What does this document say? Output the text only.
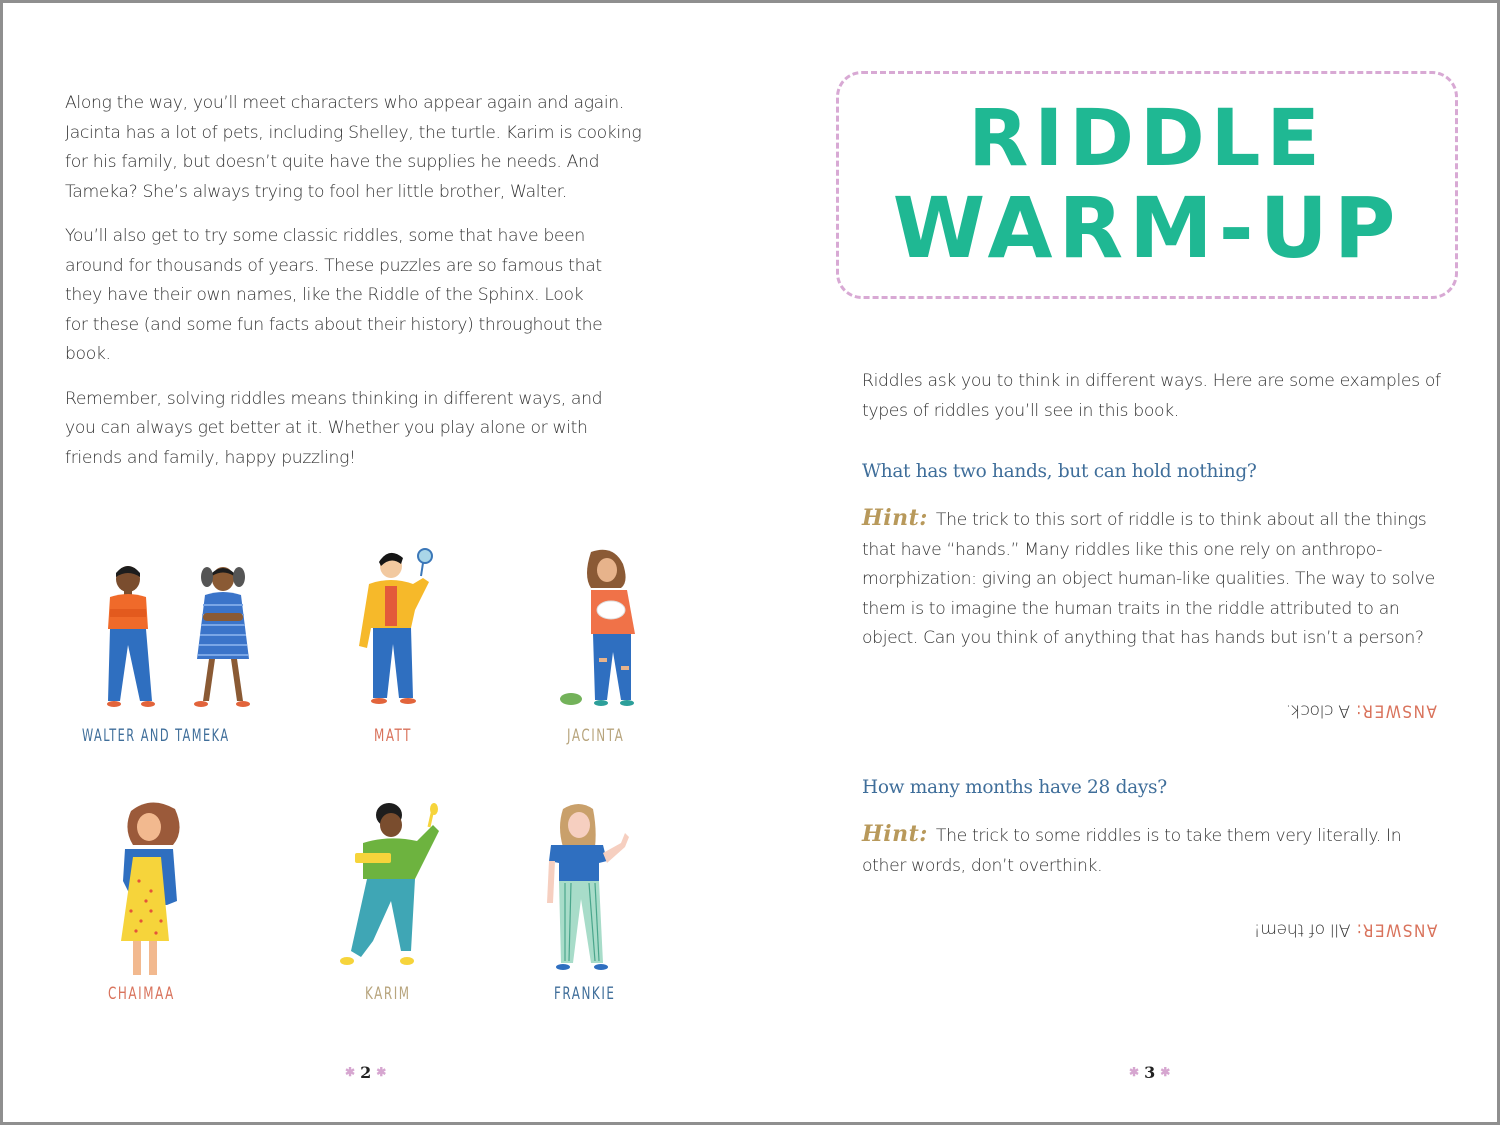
Along the way, you’ll meet characters who appear again and again. Jacinta has a lot of pets, including Shelley, the turtle. Karim is cooking for his family, but doesn’t quite have the supplies he needs. And Tameka? She’s always trying to fool her little brother, Walter.

You’ll also get to try some classic riddles, some that have been around for thousands of years. These puzzles are so famous that they have their own names, like the Riddle of the Sphinx. Look for these (and some fun facts about their history) throughout the book.

Remember, solving riddles means thinking in different ways, and you can always get better at it. Whether you play alone or with friends and family, happy puzzling!

WALTER AND TAMEKA	MATT	JACINTA
CHAIMAA	KARIM	FRANKIE
✱ 2 ✱
RIDDLE
WARM-UP
Riddles ask you to think in different ways. Here are some examples of types of riddles you’ll see in this book.
What has two hands, but can hold nothing?
Hint: The trick to this sort of riddle is to think about all the things that have “hands.” Many riddles like this one rely on anthropo-morphization: giving an object human-like qualities. The way to solve them is to imagine the human traits in the riddle attributed to an object. Can you think of anything that has hands but isn’t a person?
ANSWER: A clock.
How many months have 28 days?
Hint: The trick to some riddles is to take them very literally. In other words, don’t overthink.
ANSWER: All of them!
✱ 3 ✱
